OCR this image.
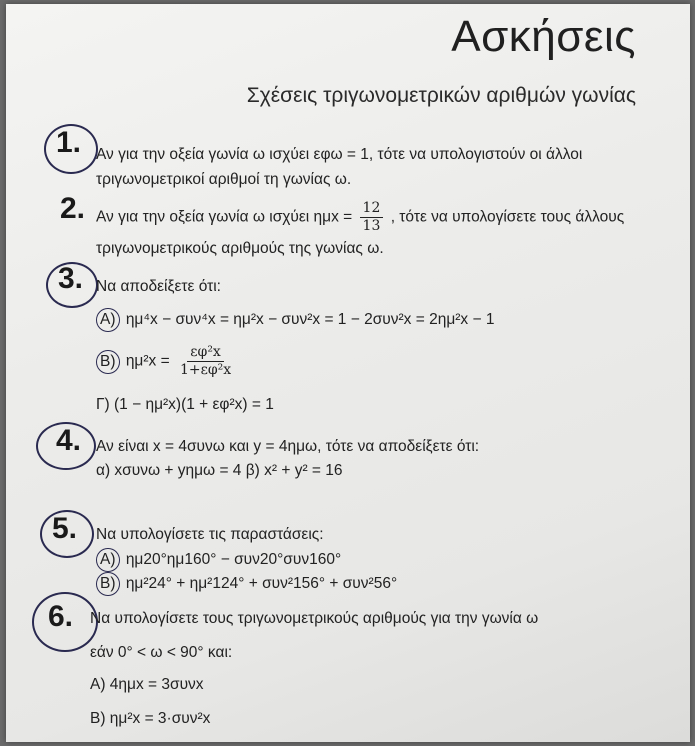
Ασκήσεις
Σχέσεις τριγωνομετρικών αριθμών γωνίας
1. Αν για την οξεία γωνία ω ισχύει εφω = 1, τότε να υπολογιστούν οι άλλοι
τριγωνομετρικοί αριθμοί τη γωνίας ω.
2. Αν για την οξεία γωνία ω ισχύει $\eta\mu x = \frac{12}{13}$ , τότε να υπολογίσετε τους άλλους
τριγωνομετρικούς αριθμούς της γωνίας ω.
3. Να αποδείξετε ότι:
Α) ημ⁴x − συν⁴x = ημ²x − συν²x = 1 − 2συν²x = 2ημ²x − 1
Β) $\eta\mu^2x = \frac{\text{εφ²x}}{\text{1+εφ²x}}$
Γ) (1 − ημ²x)(1 + εφ²x) = 1
4. Αν είναι x = 4συνω και y = 4ημω, τότε να αποδείξετε ότι:
α) xσυνω + yημω = 4 β) x² + y² = 16
5. Να υπολογίσετε τις παραστάσεις:
Α) ημ20°ημ160° − συν20°συν160°
Β) ημ²24° + ημ²124° + συν²156° + συν²56°
6. Να υπολογίσετε τους τριγωνομετρικούς αριθμούς για την γωνία ω
εάν 0° < ω < 90° και:
Α) 4ημx = 3συνx
Β) ημ²x = 3·συν²x
